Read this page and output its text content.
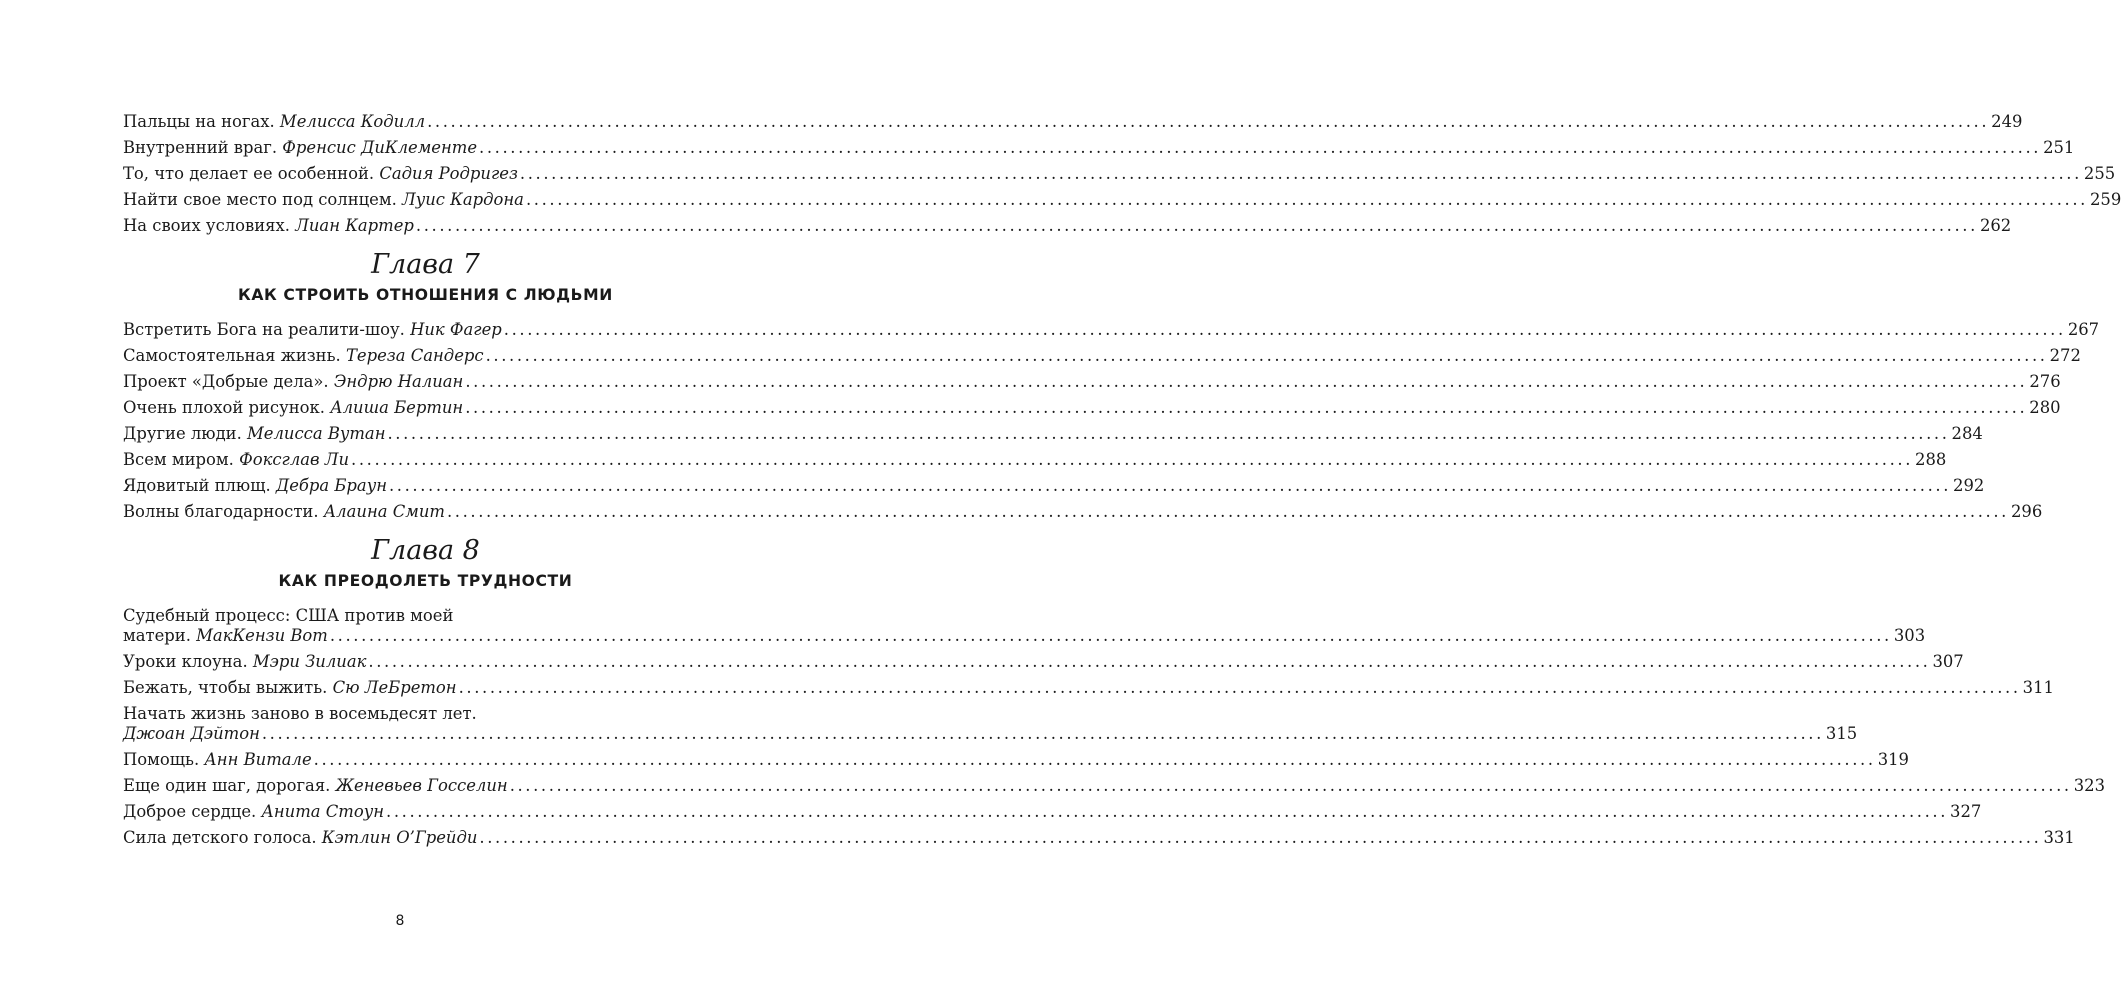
Пальцы на ногах. Мелисса Кодилл ........................................................................................................................................................................................................ 249
Внутренний враг. Френсис ДиКлементе ........................................................................................................................................................................................................ 251
То, что делает ее особенной. Садия Родригез ........................................................................................................................................................................................................ 255
Найти свое место под солнцем. Луис Кардона ........................................................................................................................................................................................................ 259
На своих условиях. Лиан Картер ........................................................................................................................................................................................................ 262
Глава 7
КАК СТРОИТЬ ОТНОШЕНИЯ С ЛЮДЬМИ
Встретить Бога на реалити-шоу. Ник Фагер ........................................................................................................................................................................................................ 267
Самостоятельная жизнь. Тереза Сандерс ........................................................................................................................................................................................................ 272
Проект «Добрые дела». Эндрю Налиан ........................................................................................................................................................................................................ 276
Очень плохой рисунок. Алиша Бертин ........................................................................................................................................................................................................ 280
Другие люди. Мелисса Вутан ........................................................................................................................................................................................................ 284
Всем миром. Фоксглав Ли ........................................................................................................................................................................................................ 288
Ядовитый плющ. Дебра Браун ........................................................................................................................................................................................................ 292
Волны благодарности. Алаина Смит ........................................................................................................................................................................................................ 296
Глава 8
КАК ПРЕОДОЛЕТЬ ТРУДНОСТИ
Судебный процесс: США против моей
матери. МакКензи Вот ........................................................................................................................................................................................................ 303
Уроки клоуна. Мэри Зилиак ........................................................................................................................................................................................................ 307
Бежать, чтобы выжить. Сю ЛеБретон ........................................................................................................................................................................................................ 311
Начать жизнь заново в восемьдесят лет.
Джоан Дэйтон ........................................................................................................................................................................................................ 315
Помощь. Анн Витале ........................................................................................................................................................................................................ 319
Еще один шаг, дорогая. Женевьев Госселин ........................................................................................................................................................................................................ 323
Доброе сердце. Анита Стоун ........................................................................................................................................................................................................ 327
Сила детского голоса. Кэтлин О’Грейди ........................................................................................................................................................................................................ 331
8
